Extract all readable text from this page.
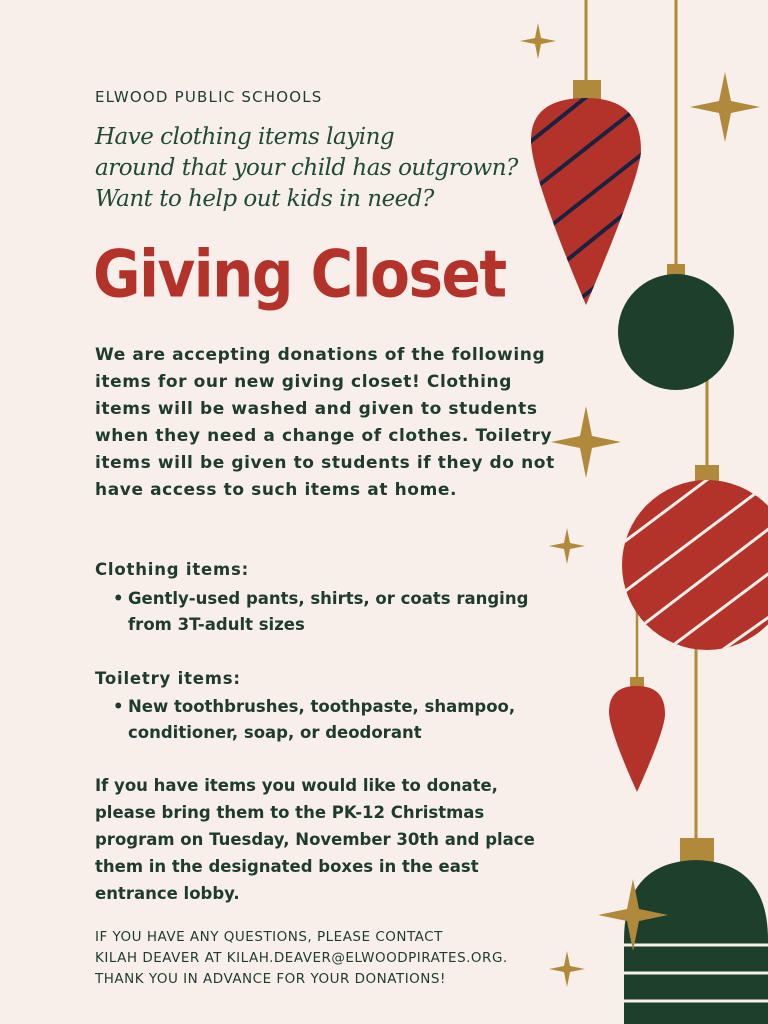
ELWOOD PUBLIC SCHOOLS
Have clothing items laying
around that your child has outgrown?
Want to help out kids in need?
Giving Closet
We are accepting donations of the following items for our new giving closet! Clothing items will be washed and given to students when they need a change of clothes. Toiletry items will be given to students if they do not have access to such items at home.
Clothing items:
• Gently-used pants, shirts, or coats ranging from 3T-adult sizes
Toiletry items:
• New toothbrushes, toothpaste, shampoo, conditioner, soap, or deodorant
If you have items you would like to donate, please bring them to the PK-12 Christmas program on Tuesday, November 30th and place them in the designated boxes in the east entrance lobby.
IF YOU HAVE ANY QUESTIONS, PLEASE CONTACT
KILAH DEAVER AT KILAH.DEAVER@ELWOODPIRATES.ORG.
THANK YOU IN ADVANCE FOR YOUR DONATIONS!
